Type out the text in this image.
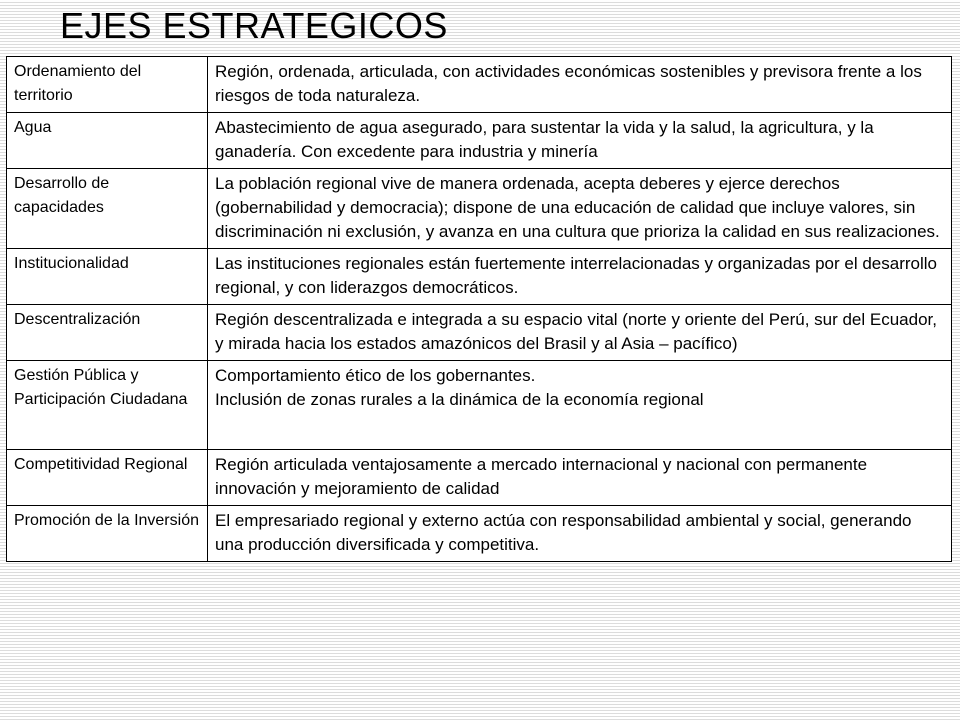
EJES ESTRATEGICOS
Ordenamiento del territorio	Región, ordenada, articulada, con actividades económicas sostenibles y previsora frente a los riesgos de toda naturaleza.
Agua	Abastecimiento de agua asegurado, para sustentar la vida y la salud, la agricultura, y la ganadería. Con excedente para industria y minería
Desarrollo de capacidades	La población regional vive de manera ordenada, acepta deberes y ejerce derechos (gobernabilidad y democracia); dispone de una educación de calidad que incluye valores, sin discriminación ni exclusión, y avanza en una cultura que prioriza la calidad en sus realizaciones.
Institucionalidad	Las instituciones regionales están fuertemente interrelacionadas y organizadas por el desarrollo regional, y con liderazgos democráticos.
Descentralización	Región descentralizada e integrada a su espacio vital (norte y oriente del Perú, sur del Ecuador, y mirada hacia los estados amazónicos del Brasil y al Asia – pacífico)
Gestión Pública y Participación Ciudadana	Comportamiento ético de los gobernantes.
Inclusión de zonas rurales a la dinámica de la economía regional

Competitividad Regional	Región articulada ventajosamente a mercado internacional y nacional con permanente innovación y mejoramiento de calidad
Promoción de la Inversión	El empresariado regional y externo actúa con responsabilidad ambiental y social, generando una producción diversificada y competitiva.
